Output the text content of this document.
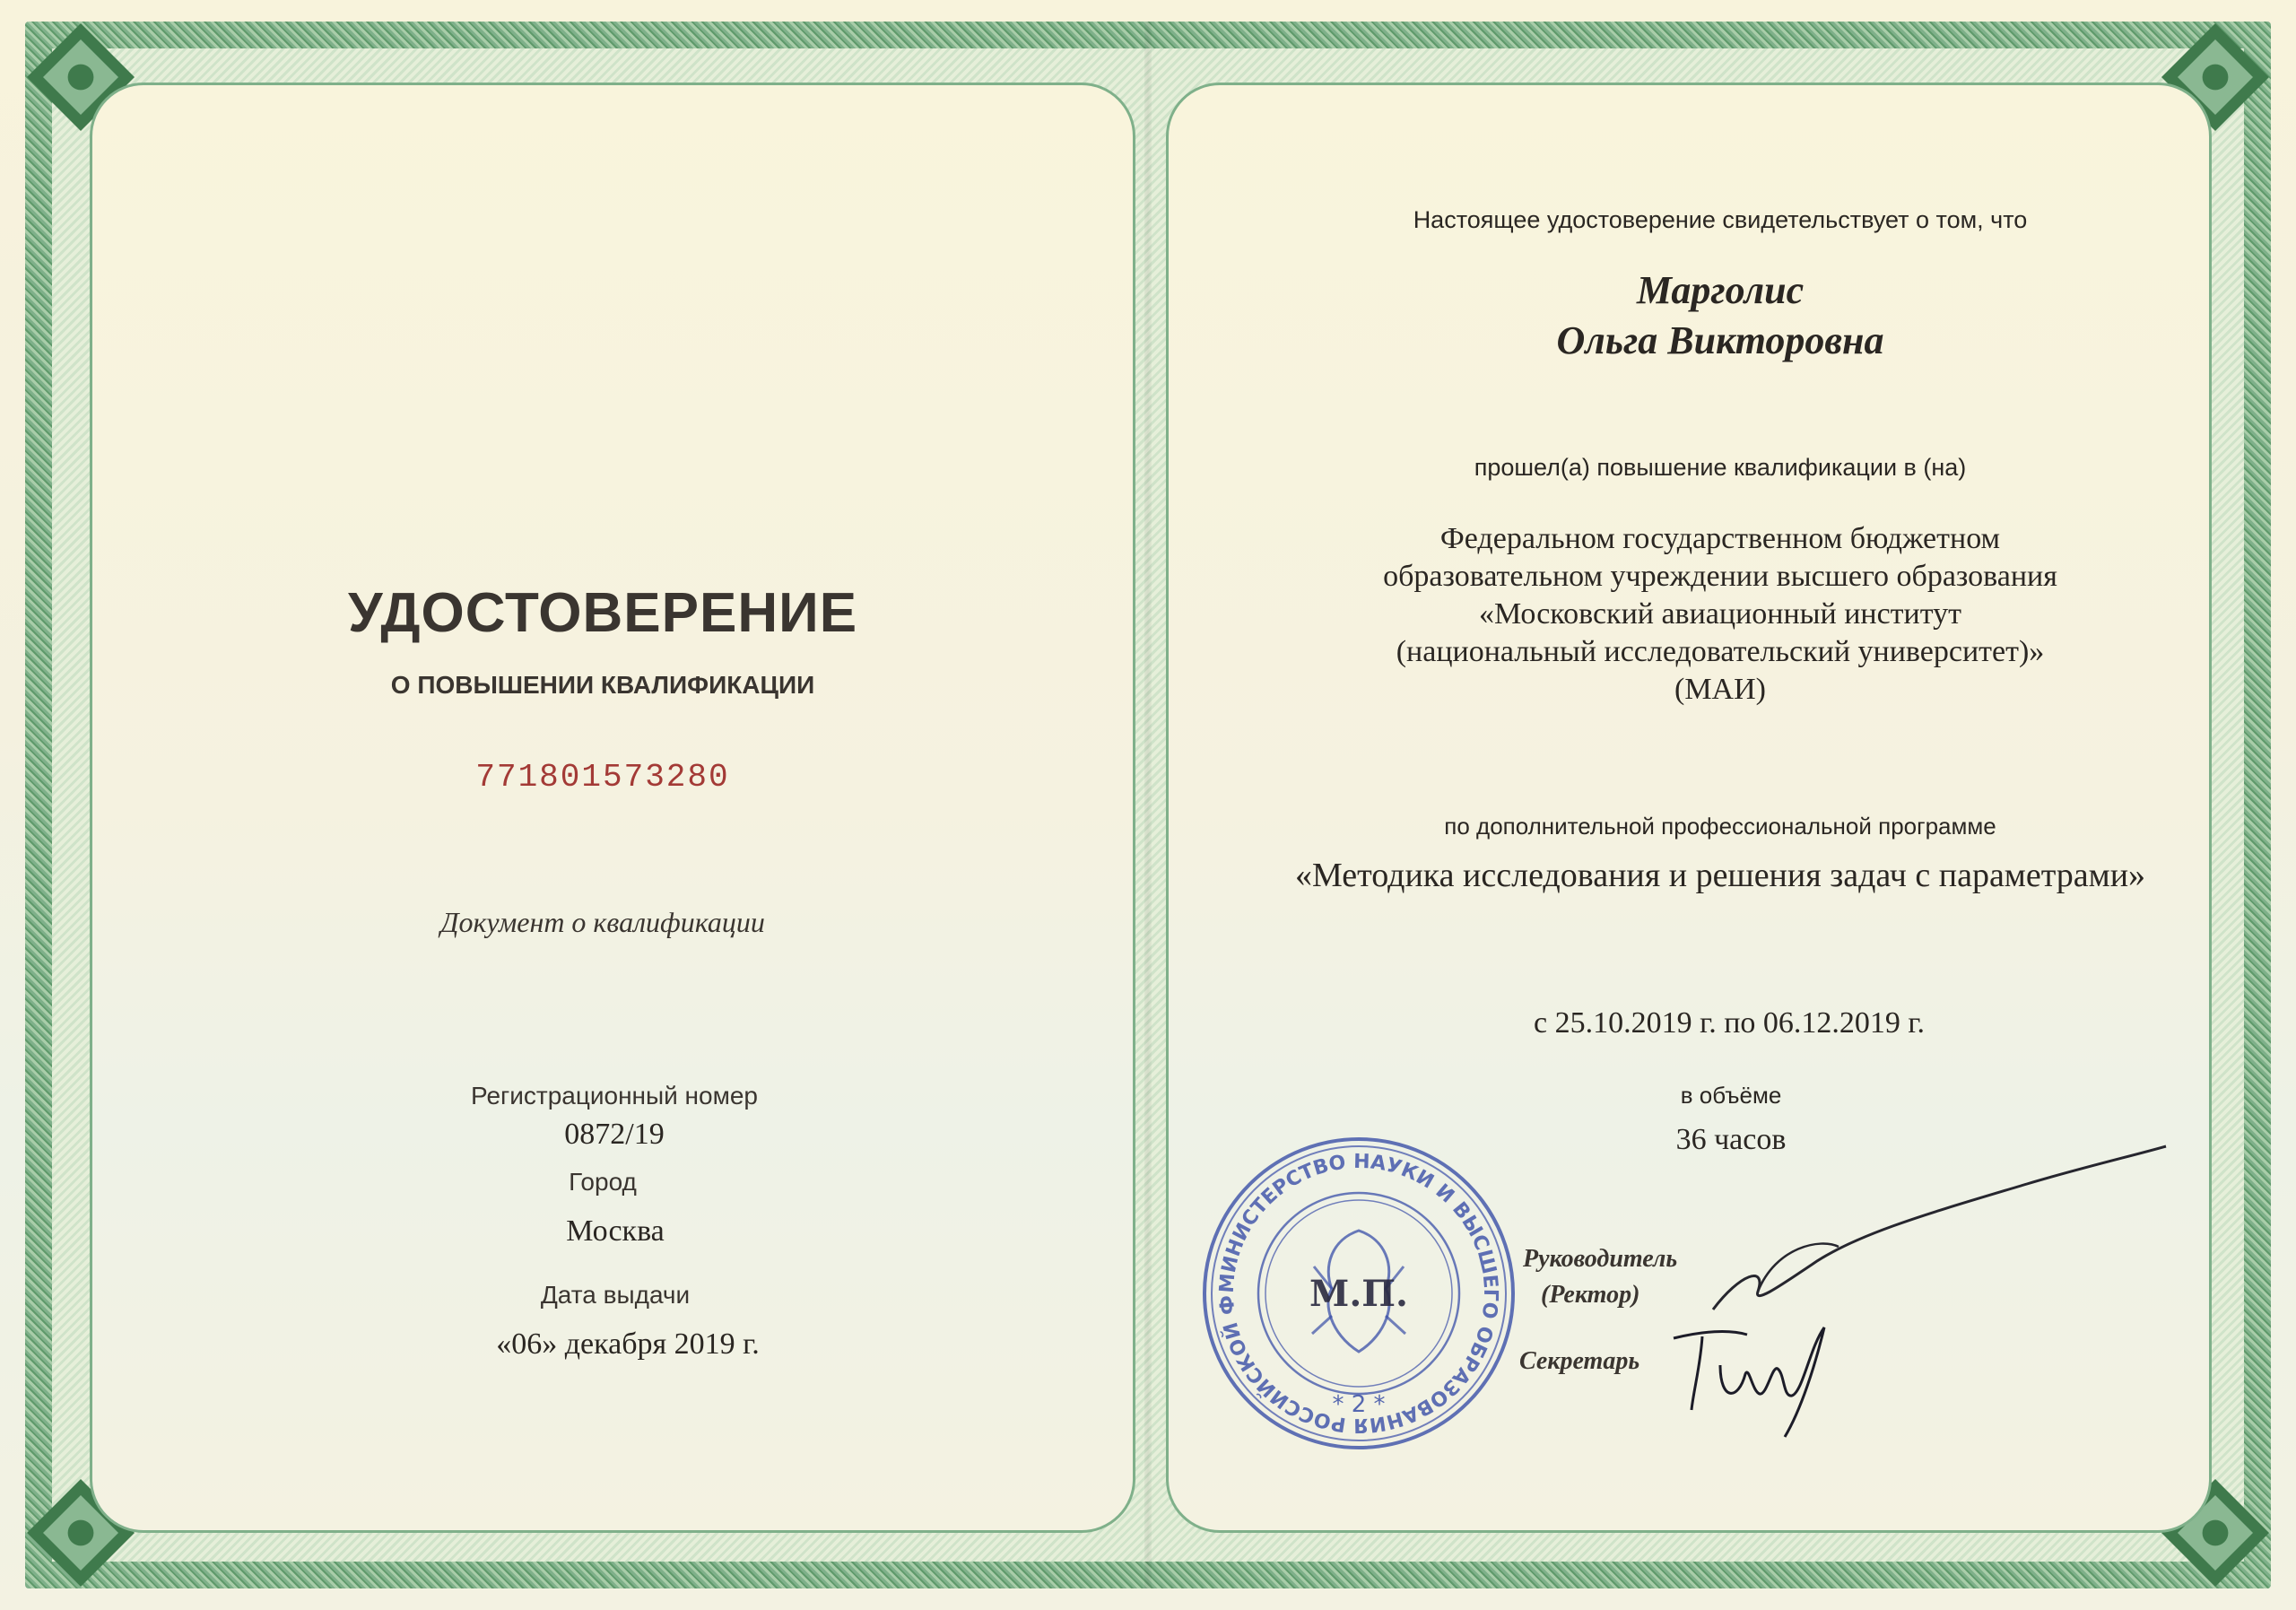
УДОСТОВЕРЕНИЕ
О ПОВЫШЕНИИ КВАЛИФИКАЦИИ
771801573280
Документ о квалификации
Регистрационный номер
0872/19
Город
Москва
Дата выдачи
«06» декабря 2019 г.
Настоящее удостоверение свидетельствует о том, что
Марголис
Ольга Викторовна
прошел(а) повышение квалификации в (на)
Федеральном государственном бюджетном
образовательном учреждении высшего образования
«Московский авиационный институт
(национальный исследовательский университет)»
(МАИ)
по дополнительной профессиональной программе
«Методика исследования и решения задач с параметрами»
с 25.10.2019 г. по 06.12.2019 г.
в объёме
36 часов
Руководитель
(Ректор)
Секретарь
МИНИСТЕРСТВО НАУКИ И ВЫСШЕГО ОБРАЗОВАНИЯ РОССИЙСКОЙ Ф	М.П.
* 2 *
